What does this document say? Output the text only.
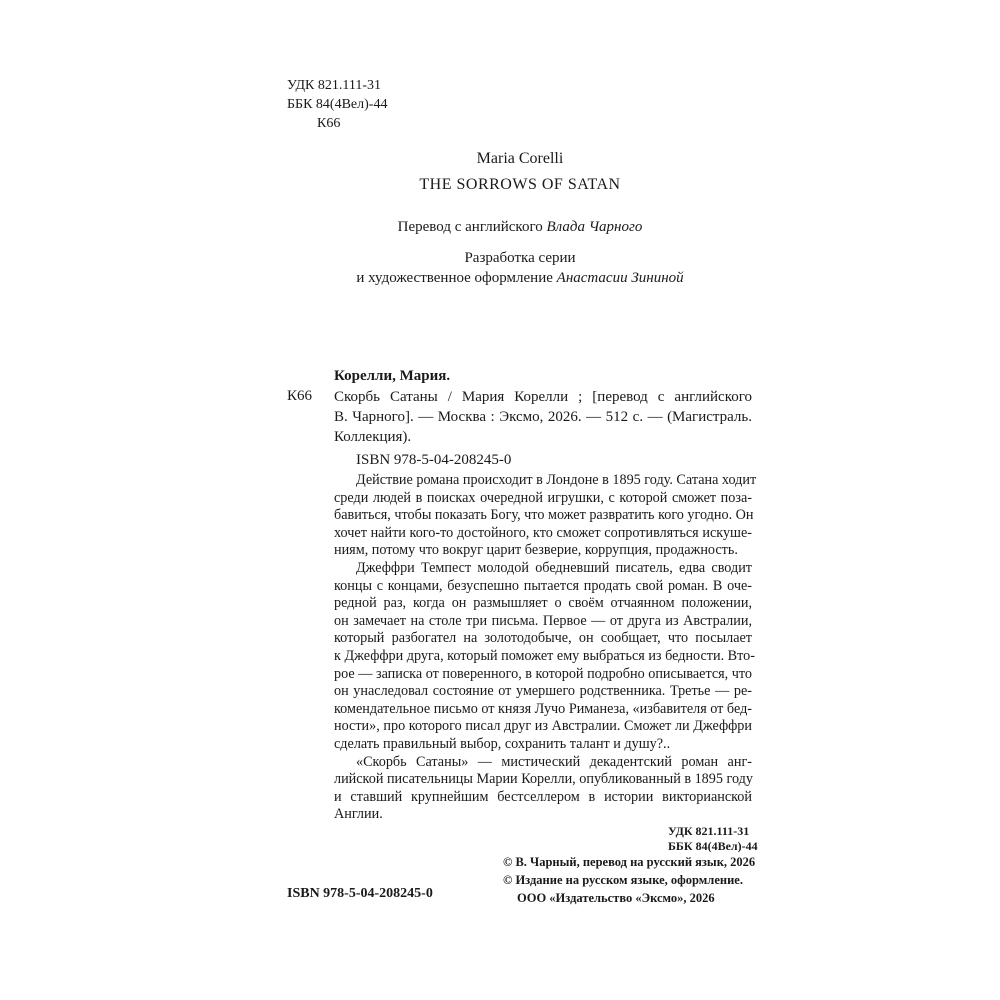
УДК 821.111-31
ББК 84(4Вел)-44
К66
Maria Corelli
THE SORROWS OF SATAN
Перевод с английского Влада Чарного
Разработка серии
и художественное оформление Анастасии Зининой
Корелли, Мария.
К66 Скорбь Сатаны / Мария Корелли ; [перевод с английского
В. Чарного]. — Москва : Эксмо, 2026. — 512 с. — (Магистраль.
Коллекция).
ISBN 978-5-04-208245-0

Действие романа происходит в Лондоне в 1895 году. Сатана ходит
среди людей в поисках очередной игрушки, с которой сможет поза-
бавиться, чтобы показать Богу, что может развратить кого угодно. Он
хочет найти кого-то достойного, кто сможет сопротивляться искуше-
ниям, потому что вокруг царит безверие, коррупция, продажность.

Джеффри Темпест молодой обедневший писатель, едва сводит
концы с концами, безуспешно пытается продать свой роман. В оче-
редной раз, когда он размышляет о своём отчаянном положении,
он замечает на столе три письма. Первое — от друга из Австралии,
который разбогател на золотодобыче, он сообщает, что посылает
к Джеффри друга, который поможет ему выбраться из бедности. Вто-
рое — записка от поверенного, в которой подробно описывается, что
он унаследовал состояние от умершего родственника. Третье — ре-
комендательное письмо от князя Лучо Риманеза, «избавителя от бед-
ности», про которого писал друг из Австралии. Сможет ли Джеффри
сделать правильный выбор, сохранить талант и душу?..

«Скорбь Сатаны» — мистический декадентский роман анг-
лийской писательницы Марии Корелли, опубликованный в 1895 году
и ставший крупнейшим бестселлером в истории викторианской
Англии.

УДК 821.111-31
ББК 84(4Вел)-44
© В. Чарный, перевод на русский язык, 2026
© Издание на русском языке, оформление.
ООО «Издательство «Эксмо», 2026
ISBN 978-5-04-208245-0
